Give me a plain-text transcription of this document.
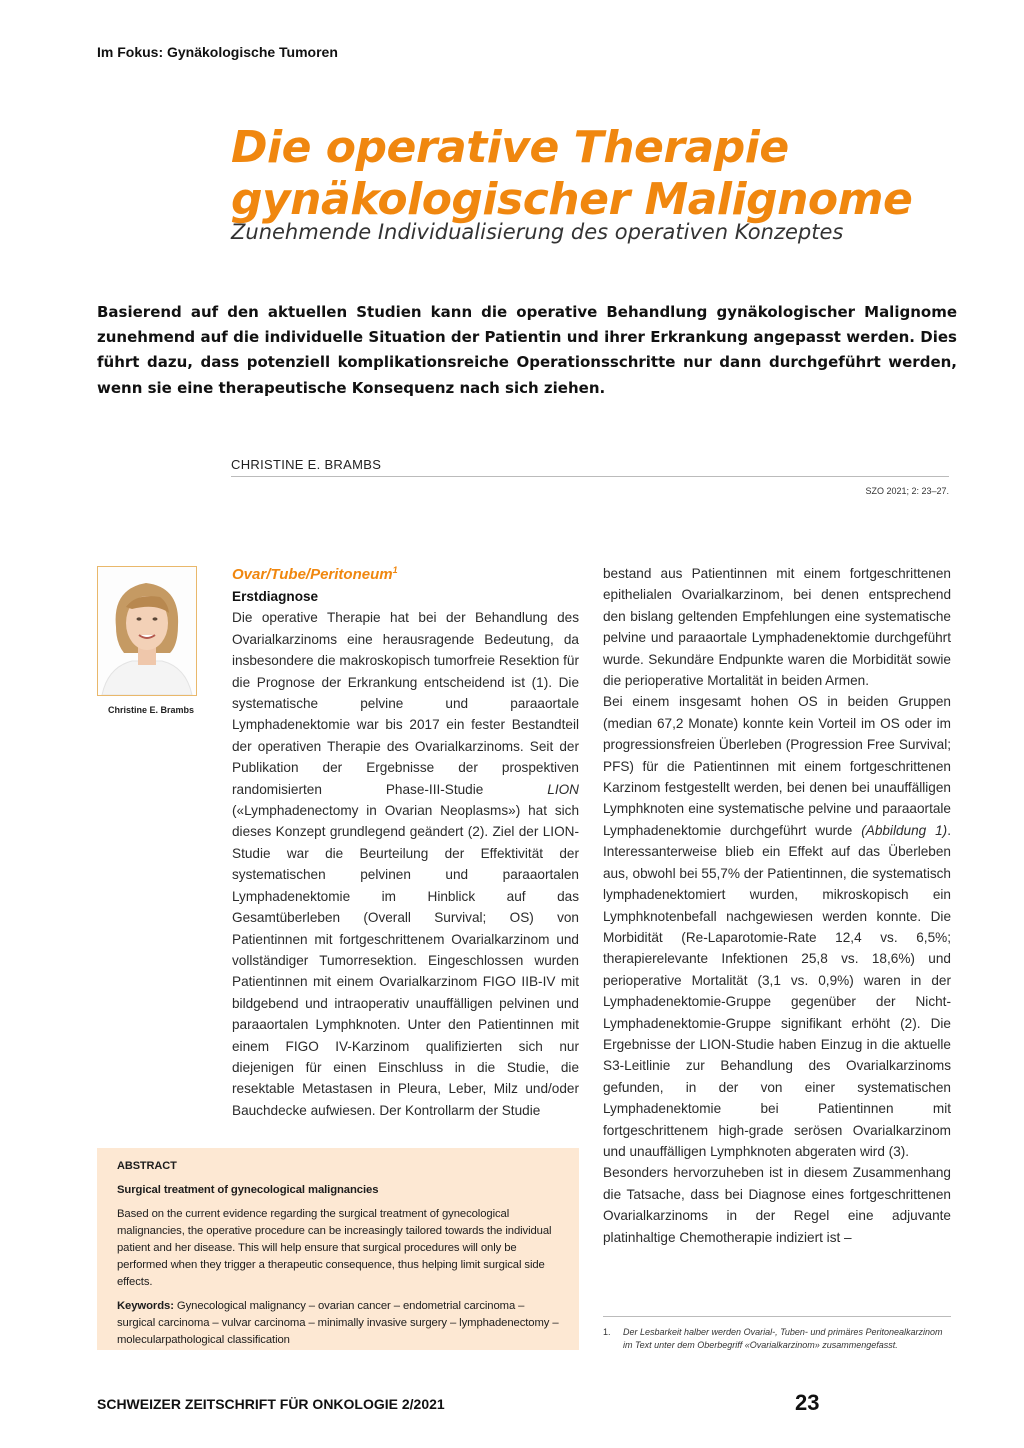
Im Fokus: Gynäkologische Tumoren
Die operative Therapie
gynäkologischer Malignome
Zunehmende Individualisierung des operativen Konzeptes
Basierend auf den aktuellen Studien kann die operative Behandlung gynäkologischer Malignome zunehmend auf die individuelle Situation der Patientin und ihrer Erkrankung angepasst werden. Dies führt dazu, dass potenziell komplikationsreiche Operationsschritte nur dann durchgeführt werden, wenn sie eine therapeutische Konsequenz nach sich ziehen.
CHRISTINE E. BRAMBS
SZO 2021; 2: 23–27.
Christine E. Brambs
Ovar/Tube/Peritoneum$^1$
Erstdiagnose

Die operative Therapie hat bei der Behandlung des Ovarialkarzinoms eine herausragende Bedeutung, da insbesondere die makroskopisch tumorfreie Resektion für die Prognose der Erkrankung entscheidend ist (1). Die systematische pelvine und paraaortale Lymphadenektomie war bis 2017 ein fester Bestandteil der operativen Therapie des Ovarialkarzinoms. Seit der Publikation der Ergebnisse der prospektiven randomisierten Phase-III-Studie LION («Lymphadenectomy in Ovarian Neoplasms») hat sich dieses Konzept grundlegend geändert (2). Ziel der LION-Studie war die Beurteilung der Effektivität der systematischen pelvinen und paraaortalen Lymphadenektomie im Hinblick auf das Gesamtüberleben (Overall Survival; OS) von Patientinnen mit fortgeschrittenem Ovarialkarzinom und vollständiger Tumorresektion. Eingeschlossen wurden Patientinnen mit einem Ovarialkarzinom FIGO IIB-IV mit bildgebend und intraoperativ unauffälligen pelvinen und paraaortalen Lymphknoten. Unter den Patientinnen mit einem FIGO IV-Karzinom qualifizierten sich nur diejenigen für einen Einschluss in die Studie, die resektable Metastasen in Pleura, Leber, Milz und/oder Bauchdecke aufwiesen. Der Kontrollarm der Studie

bestand aus Patientinnen mit einem fortgeschrittenen epithelialen Ovarialkarzinom, bei denen entsprechend den bislang geltenden Empfehlungen eine systematische pelvine und paraaortale Lymphadenektomie durchgeführt wurde. Sekundäre Endpunkte waren die Morbidität sowie die perioperative Mortalität in beiden Armen.

Bei einem insgesamt hohen OS in beiden Gruppen (median 67,2 Monate) konnte kein Vorteil im OS oder im progressionsfreien Überleben (Progression Free Survival; PFS) für die Patientinnen mit einem fortgeschrittenen Karzinom festgestellt werden, bei denen bei unauffälligen Lymphknoten eine systematische pelvine und paraaortale Lymphadenektomie durchgeführt wurde (Abbildung 1). Interessanterweise blieb ein Effekt auf das Überleben aus, obwohl bei 55,7% der Patientinnen, die systematisch lymphadenektomiert wurden, mikroskopisch ein Lymphknotenbefall nachgewiesen werden konnte. Die Morbidität (Re-Laparotomie-Rate 12,4 vs. 6,5%; therapierelevante Infektionen 25,8 vs. 18,6%) und perioperative Mortalität (3,1 vs. 0,9%) waren in der Lymphadenektomie-Gruppe gegenüber der Nicht-Lymphadenektomie-Gruppe signifikant erhöht (2). Die Ergebnisse der LION-Studie haben Einzug in die aktuelle S3-Leitlinie zur Behandlung des Ovarialkarzinoms gefunden, in der von einer systematischen Lymphadenektomie bei Patientinnen mit fortgeschrittenem high-grade serösen Ovarialkarzinom und unauffälligen Lymphknoten abgeraten wird (3).

Besonders hervorzuheben ist in diesem Zusammenhang die Tatsache, dass bei Diagnose eines fortgeschrittenen Ovarialkarzinoms in der Regel eine adjuvante platinhaltige Chemotherapie indiziert ist –

ABSTRACT
Surgical treatment of gynecological malignancies
Based on the current evidence regarding the surgical treatment of gynecological malignancies, the operative procedure can be increasingly tailored towards the individual patient and her disease. This will help ensure that surgical procedures will only be performed when they trigger a therapeutic consequence, thus helping limit surgical side effects.
Keywords: Gynecological malignancy – ovarian cancer – endometrial carcinoma – surgical carcinoma – vulvar carcinoma – minimally invasive surgery – lymphadenectomy – molecularpathological classification
1. Der Lesbarkeit halber werden Ovarial-, Tuben- und primäres Peritonealkarzinom im Text unter dem Oberbegriff «Ovarialkarzinom» zusammengefasst.
SCHWEIZER ZEITSCHRIFT FÜR ONKOLOGIE 2/2021	23
